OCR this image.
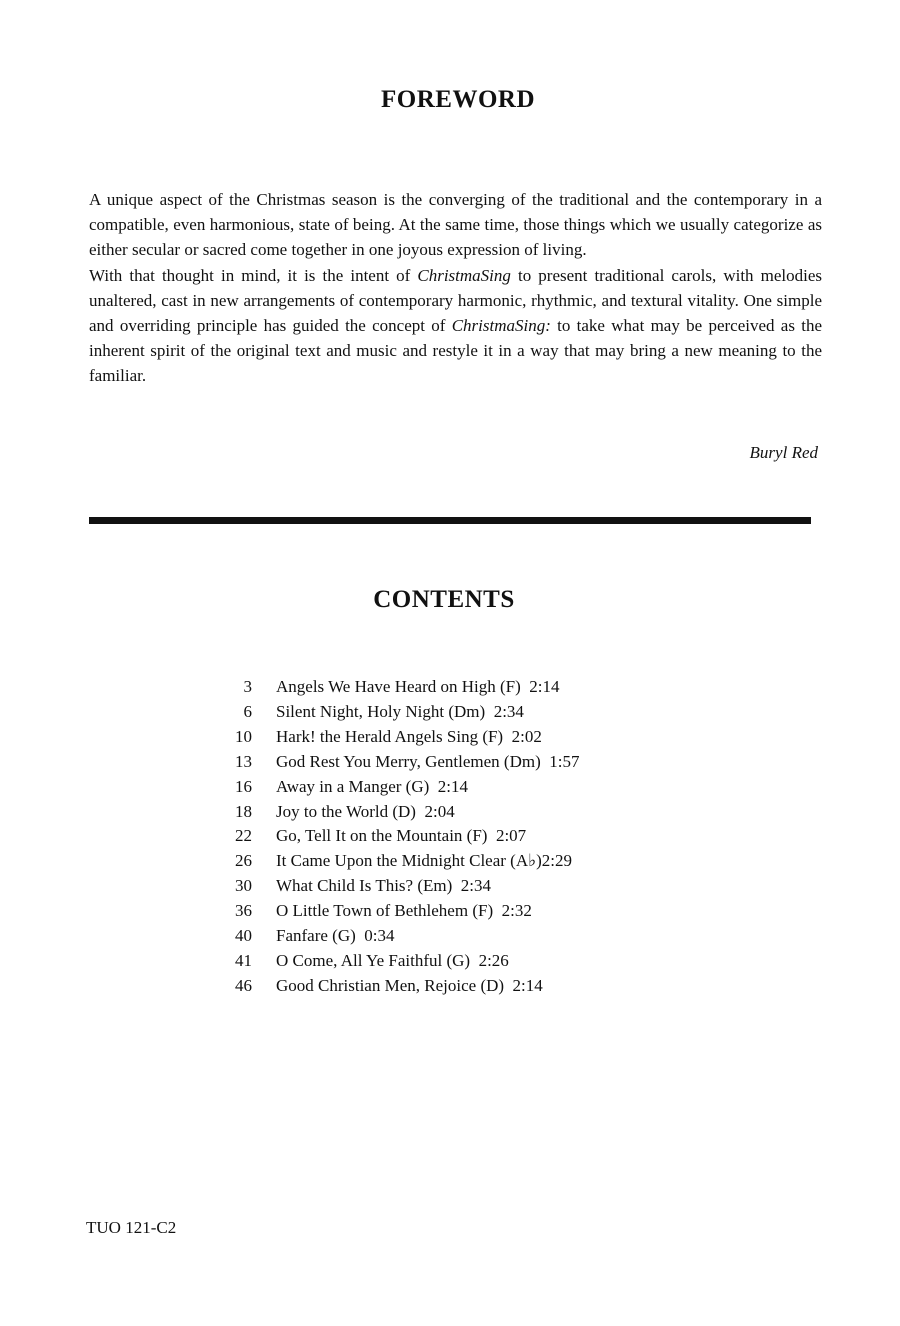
FOREWORD

A unique aspect of the Christmas season is the converging of the traditional and the contemporary in a compatible, even harmonious, state of being. At the same time, those things which we usually categorize as either secular or sacred come together in one joyous expression of living.

With that thought in mind, it is the intent of ChristmaSing to present traditional carols, with melodies unaltered, cast in new arrangements of contemporary harmonic, rhythmic, and textural vitality. One simple and overriding principle has guided the concept of ChristmaSing: to take what may be perceived as the inherent spirit of the original text and music and restyle it in a way that may bring a new meaning to the familiar.

Buryl Red
CONTENTS
3 Angels We Have Heard on High (F)  2:14
6 Silent Night, Holy Night (Dm)  2:34
10 Hark! the Herald Angels Sing (F)  2:02
13 God Rest You Merry, Gentlemen (Dm)  1:57
16 Away in a Manger (G)  2:14
18 Joy to the World (D)  2:04
22 Go, Tell It on the Mountain (F)  2:07
26 It Came Upon the Midnight Clear (A♭)2:29
30 What Child Is This? (Em)  2:34
36 O Little Town of Bethlehem (F)  2:32
40 Fanfare (G)  0:34
41 O Come, All Ye Faithful (G)  2:26
46 Good Christian Men, Rejoice (D)  2:14
TUO 121-C2
